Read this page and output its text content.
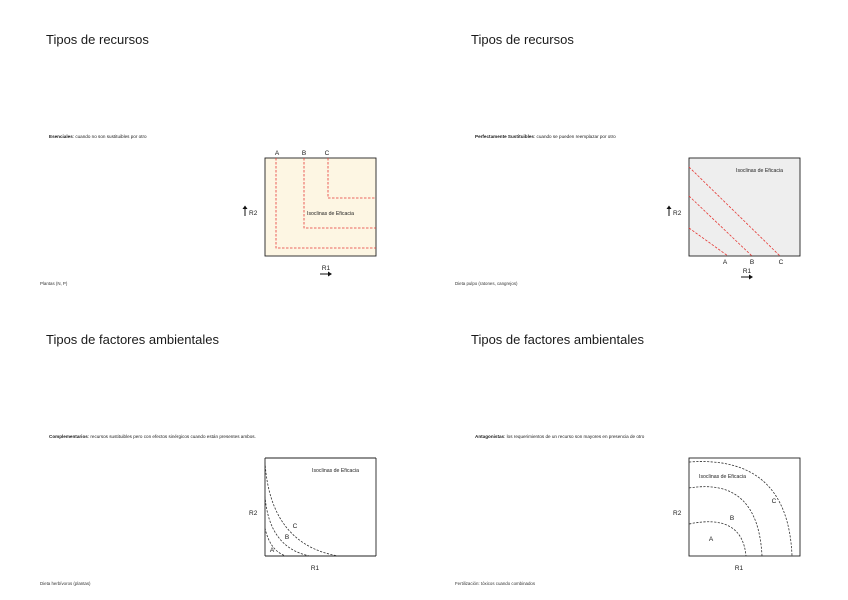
Tipos de recursos
Esenciales: cuando no son sustituibles por otro
A	B	C
Isoclinas de Eficacia
R2
R1
Plantas (N, P)
Tipos de recursos
Perfectamente Sustituibles: cuando se pueden reemplazar por otro
Isoclinas de Eficacia
A	B	C
R2
R1
Dieta pulpo (ratones, cangrejos)
Tipos de factores ambientales
Complementarios: recursos sustituibles pero con efectos sinérgicos cuando están presentes ambos.
Isoclinas de Eficacia
A
B
C
R2
R1
Dieta herbívoros (plantas)
Tipos de factores ambientales
Antagonistas: los requerimientos de un recurso son mayores en presencia de otro
Isoclinas de Eficacia
A
B
C
R2
R1
Fertilización: tóxicos cuando combinados
